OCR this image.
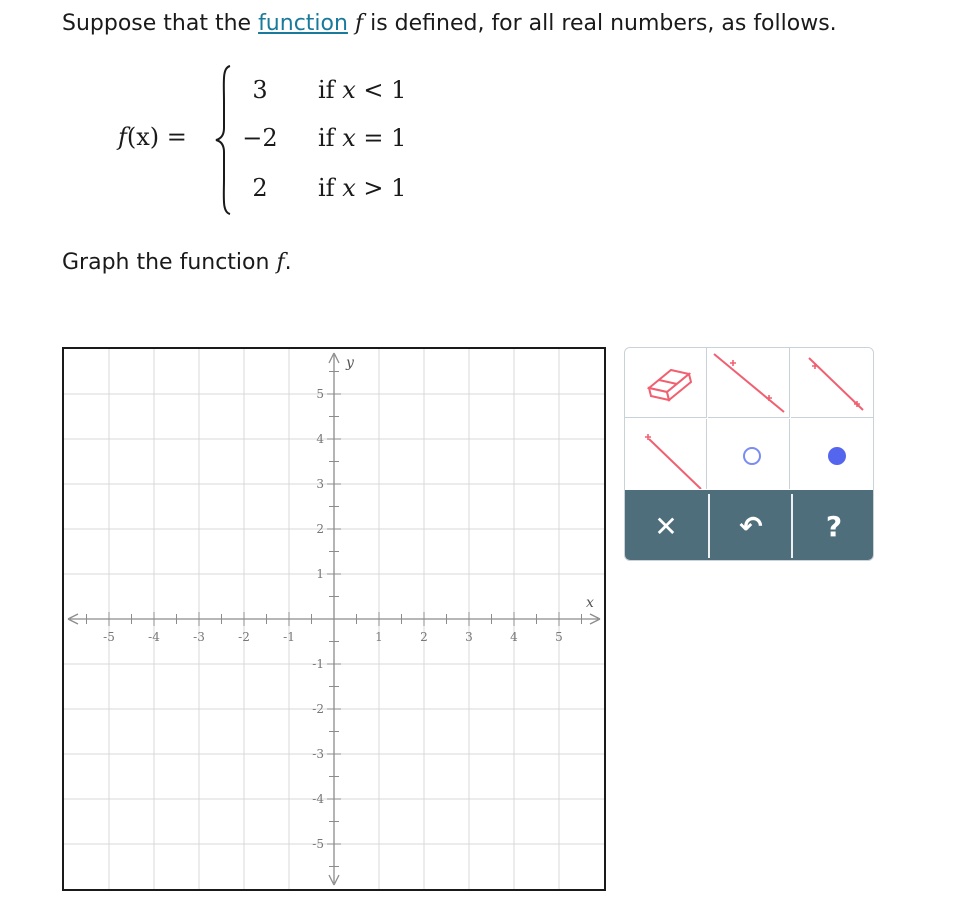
Suppose that the function f is defined, for all real numbers, as follows.
f(x) =
3	if x < 1
−2 if x = 1
2	if x > 1
Graph the function f.
-5	-4	-3	-2	-1	1	2	3	4	5
5
4
3
2
1
-1
-2
-3
-4
-5
x
y
✕ ↶ ?
